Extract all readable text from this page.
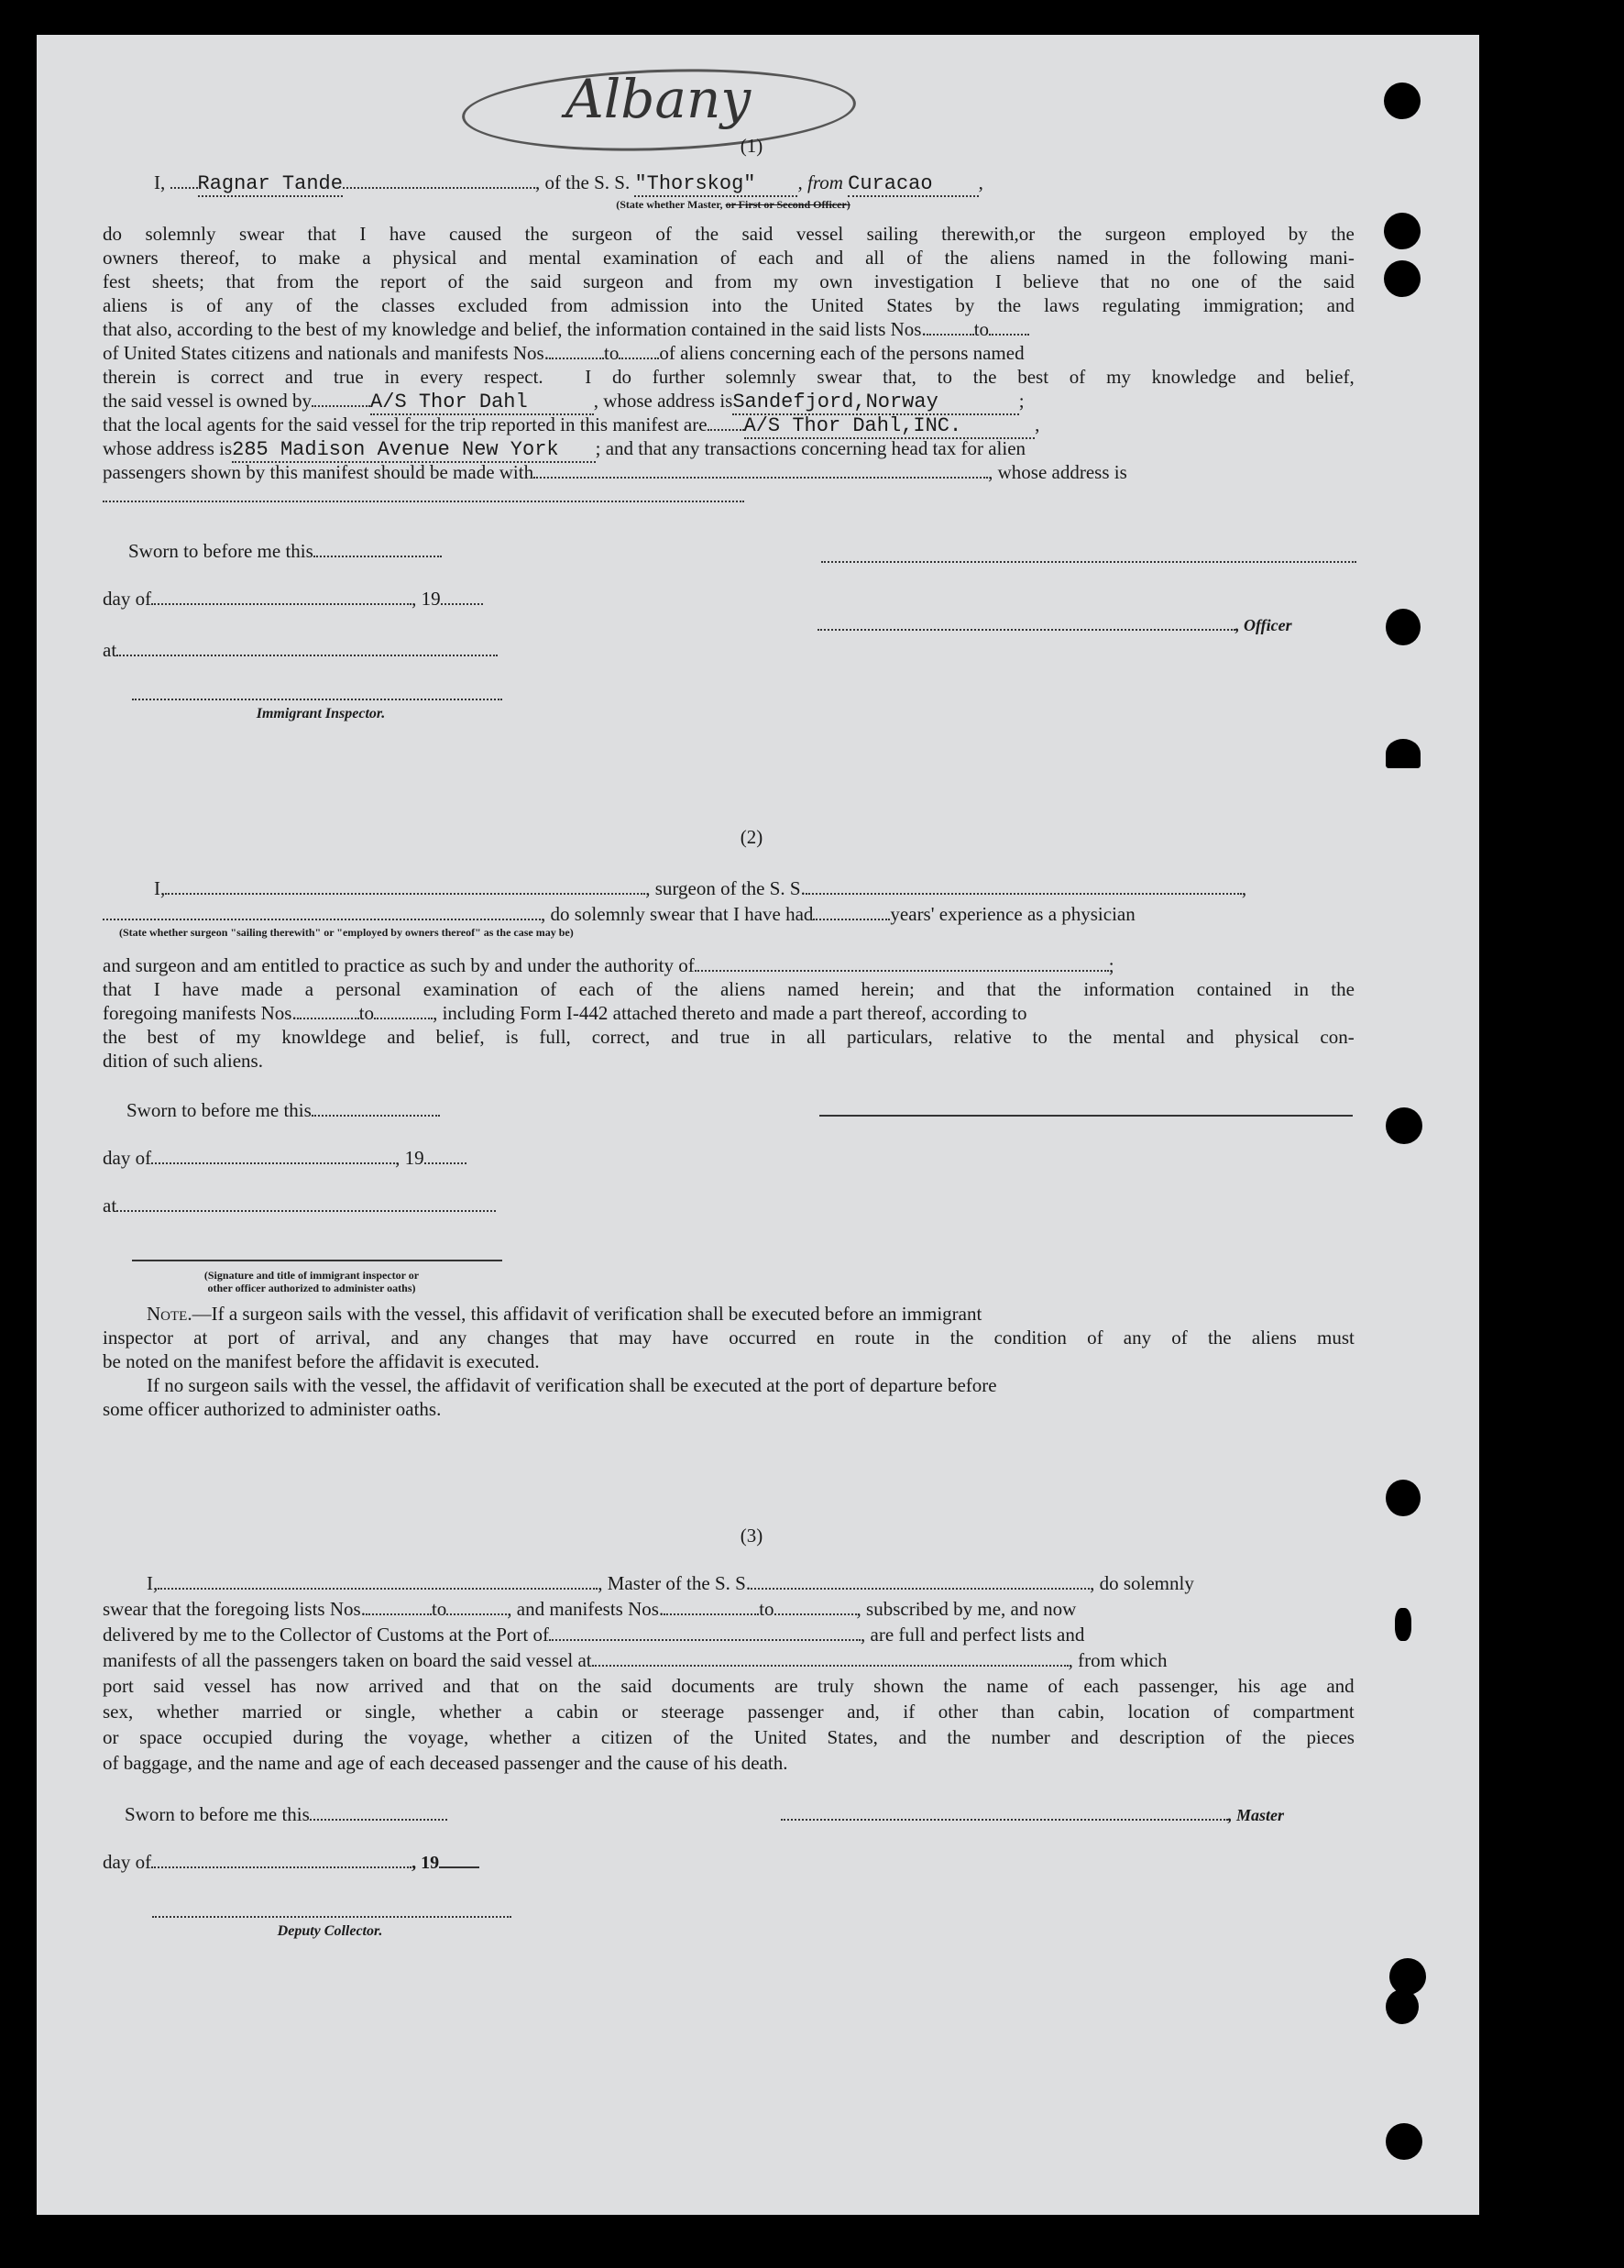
Albany
(1)
I, Ragnar Tande	, of the S. S. "Thorskog" , from Curacao ,
(State whether Master, or First or Second Officer)
do solemnly swear that I have caused the surgeon of the said vessel sailing therewith,or the surgeon employed by the
owners thereof, to make a physical and mental examination of each and all of the aliens named in the following mani-
fest sheets; that from the report of the said surgeon and from my own investigation I believe that no one of the said
aliens is of any of the classes excluded from admission into the United States by the laws regulating immigration; and
that also, according to the best of my knowledge and belief, the information contained in the said lists Nos. to
of United States citizens and nationals and manifests Nos.	to of aliens concerning each of the persons named
therein is correct and true in every respect. I do further solemnly swear that, to the best of my knowledge and belief,
the said vessel is owned by	A/S Thor Dahl	, whose address isSandefjord,Norway	;
that the local agents for the said vessel for the trip reported in this manifest are A/S Thor Dahl,INC.	,
whose address is285 Madison Avenue New York ; and that any transactions concerning head tax for alien
passengers shown by this manifest should be made with	, whose address is
Sworn to before me this
day of	, 19
, Officer
at
Immigrant Inspector.
(2)
I,	, surgeon of the S. S.	,
, do solemnly swear that I have had	years' experience as a physician
(State whether surgeon "sailing therewith" or "employed by owners thereof" as the case may be)
and surgeon and am entitled to practice as such by and under the authority of	;
that I have made a personal examination of each of the aliens named herein; and that the information contained in the
foregoing manifests Nos.	to	, including Form I-442 attached thereto and made a part thereof, according to
the best of my knowldege and belief, is full, correct, and true in all particulars, relative to the mental and physical con-
dition of such aliens.
Sworn to before me this
day of	, 19
at
(Signature and title of immigrant inspector or
other officer authorized to administer oaths)
Note.—If a surgeon sails with the vessel, this affidavit of verification shall be executed before an immigrant
inspector at port of arrival, and any changes that may have occurred en route in the condition of any of the aliens must
be noted on the manifest before the affidavit is executed.
If no surgeon sails with the vessel, the affidavit of verification shall be executed at the port of departure before
some officer authorized to administer oaths.
(3)
I,	, Master of the S. S.	, do solemnly
swear that the foregoing lists Nos.	to	, and manifests Nos.	to	, subscribed by me, and now
delivered by me to the Collector of Customs at the Port of	, are full and perfect lists and
manifests of all the passengers taken on board the said vessel at	, from which
port said vessel has now arrived and that on the said documents are truly shown the name of each passenger, his age and
sex, whether married or single, whether a cabin or steerage passenger and, if other than cabin, location of compartment
or space occupied during the voyage, whether a citizen of the United States, and the number and description of the pieces
of baggage, and the name and age of each deceased passenger and the cause of his death.
Sworn to before me this	, Master
day of	, 19
Deputy Collector.
